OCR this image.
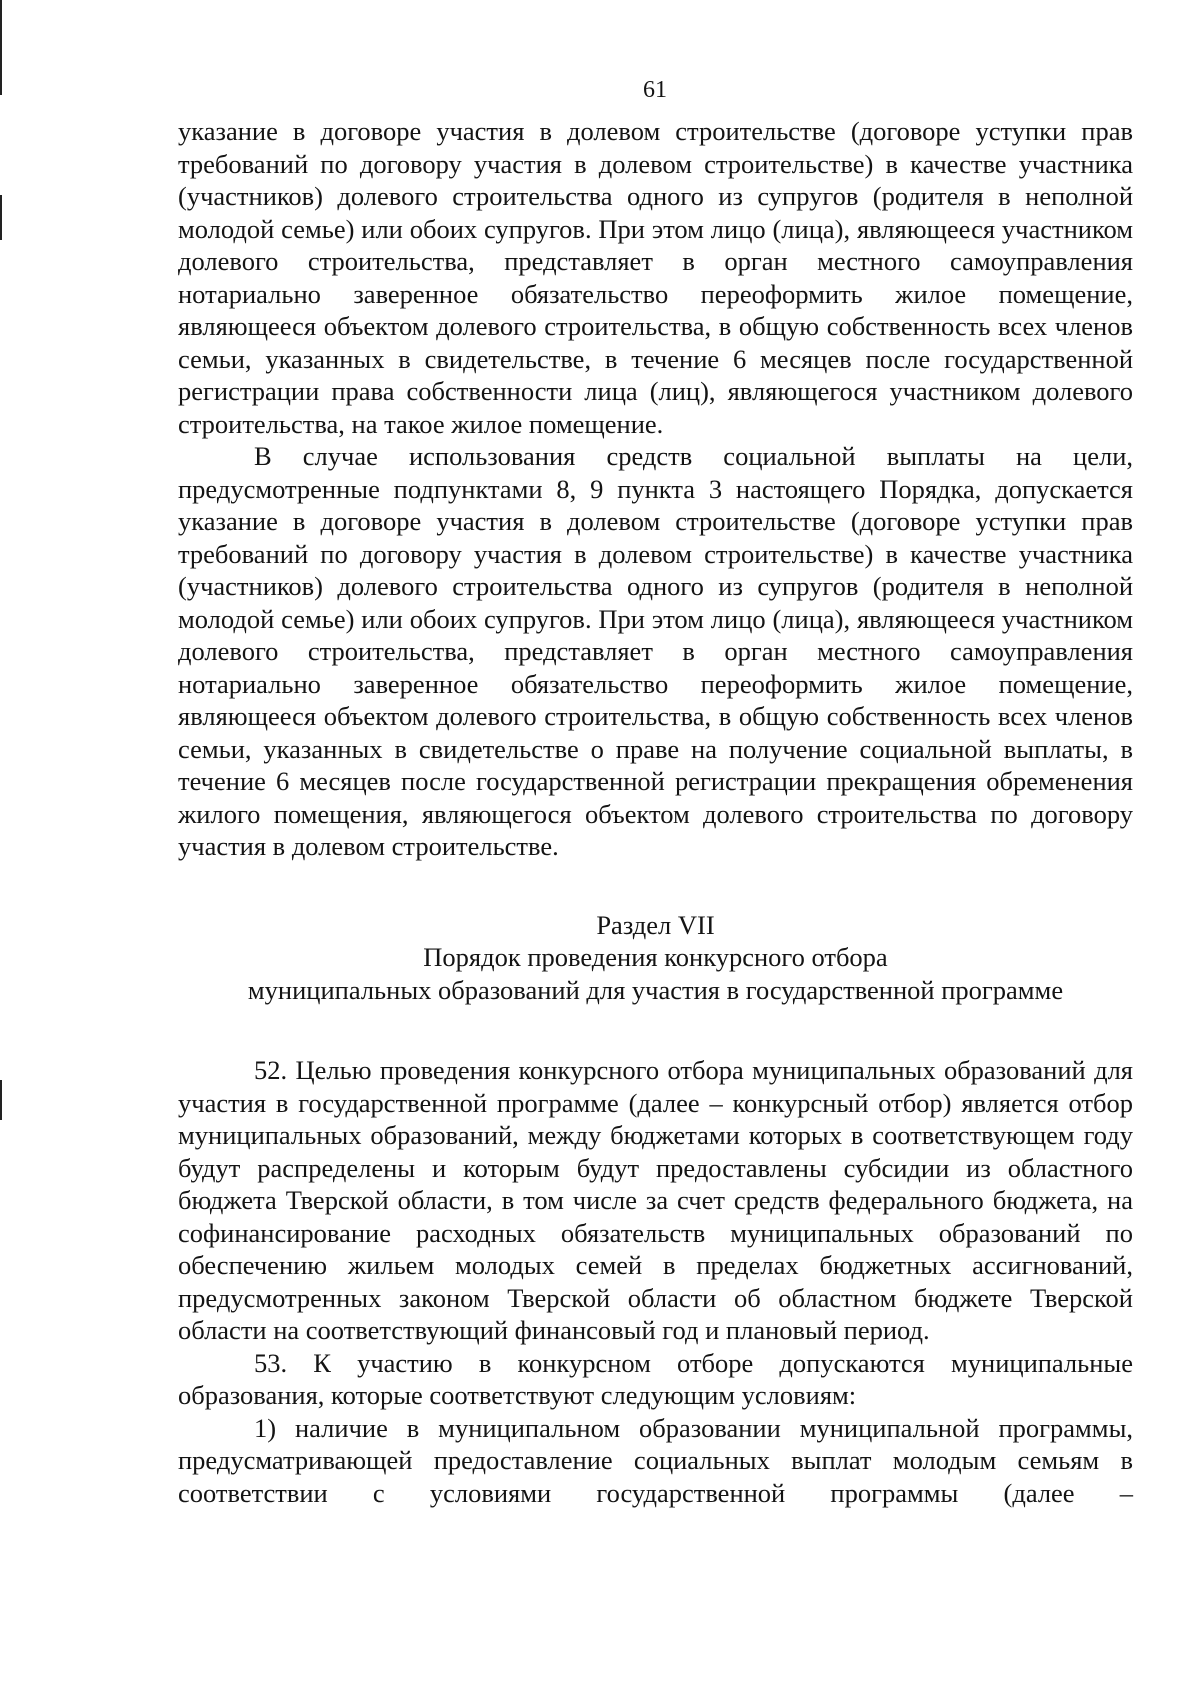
61

указание в договоре участия в долевом строительстве (договоре уступки прав требований по договору участия в долевом строительстве) в качестве участника (участников) долевого строительства одного из супругов (родителя в неполной молодой семье) или обоих супругов. При этом лицо (лица), являющееся участником долевого строительства, представляет в орган местного самоуправления нотариально заверенное обязательство переоформить жилое помещение, являющееся объектом долевого строительства, в общую собственность всех членов семьи, указанных в свидетельстве, в течение 6 месяцев после государственной регистрации права собственности лица (лиц), являющегося участником долевого строительства, на такое жилое помещение.

В случае использования средств социальной выплаты на цели, предусмотренные подпунктами 8, 9 пункта 3 настоящего Порядка, допускается указание в договоре участия в долевом строительстве (договоре уступки прав требований по договору участия в долевом строительстве) в качестве участника (участников) долевого строительства одного из супругов (родителя в неполной молодой семье) или обоих супругов. При этом лицо (лица), являющееся участником долевого строительства, представляет в орган местного самоуправления нотариально заверенное обязательство переоформить жилое помещение, являющееся объектом долевого строительства, в общую собственность всех членов семьи, указанных в свидетельстве о праве на получение социальной выплаты, в течение 6 месяцев после государственной регистрации прекращения обременения жилого помещения, являющегося объектом долевого строительства по договору участия в долевом строительстве.

Раздел VII
Порядок проведения конкурсного отбора
муниципальных образований для участия в государственной программе

52. Целью проведения конкурсного отбора муниципальных образований для участия в государственной программе (далее – конкурсный отбор) является отбор муниципальных образований, между бюджетами которых в соответствующем году будут распределены и которым будут предоставлены субсидии из областного бюджета Тверской области, в том числе за счет средств федерального бюджета, на софинансирование расходных обязательств муниципальных образований по обеспечению жильем молодых семей в пределах бюджетных ассигнований, предусмотренных законом Тверской области об областном бюджете Тверской области на соответствующий финансовый год и плановый период.

53. К участию в конкурсном отборе допускаются муниципальные образования, которые соответствуют следующим условиям:

1) наличие в муниципальном образовании муниципальной программы, предусматривающей предоставление социальных выплат молодым семьям в соответствии с условиями государственной программы (далее –
